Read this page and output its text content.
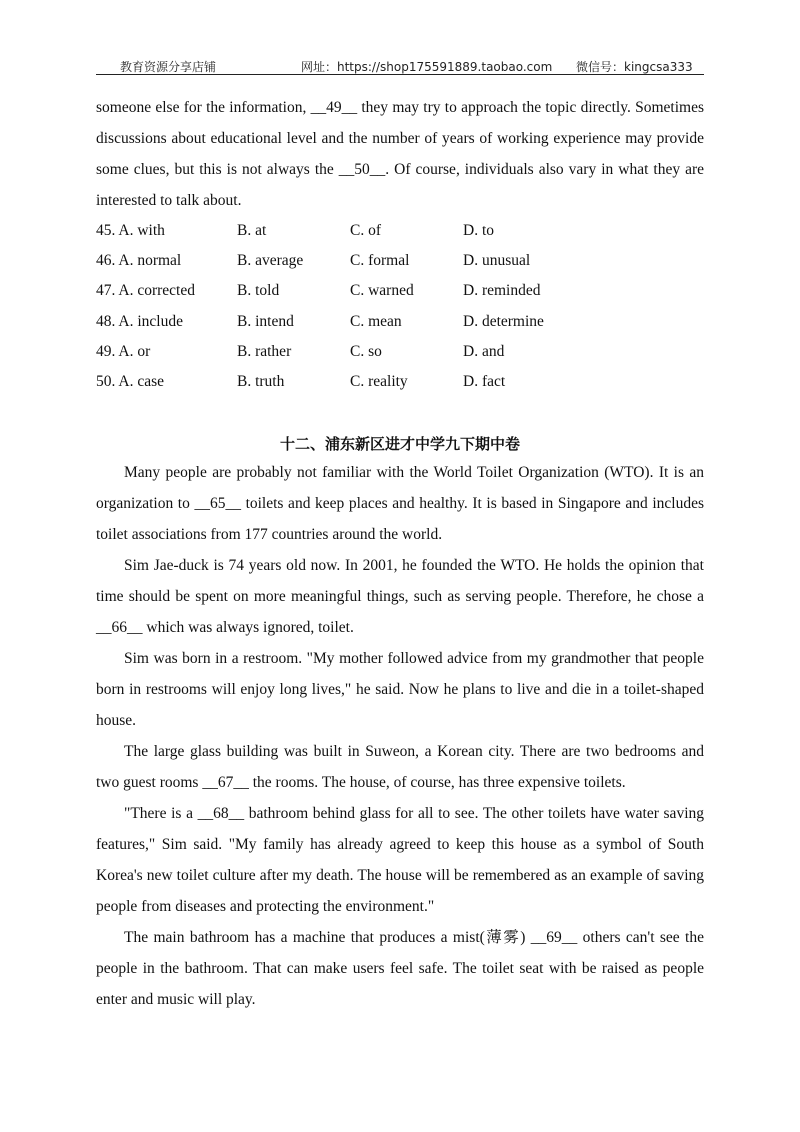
教育资源分享店铺	网址：https://shop175591889.taobao.com 微信号：kingcsa333

someone else for the information, __49__ they may try to approach the topic directly. Sometimes discussions about educational level and the number of years of working experience may provide some clues, but this is not always the __50__. Of course, individuals also vary in what they are interested to talk about.

45. A. with	B. at	C. of	D. to
46. A. normal	B. average	C. formal	D. unusual
47. A. corrected	B. told	C. warned	D. reminded
48. A. include	B. intend	C. mean	D. determine
49. A. or	B. rather	C. so	D. and
50. A. case	B. truth	C. reality	D. fact
十二、浦东新区进才中学九下期中卷

Many people are probably not familiar with the World Toilet Organization (WTO). It is an organization to __65__ toilets and keep places and healthy. It is based in Singapore and includes toilet associations from 177 countries around the world.

Sim Jae-duck is 74 years old now. In 2001, he founded the WTO. He holds the opinion that time should be spent on more meaningful things, such as serving people. Therefore, he chose a __66__ which was always ignored, toilet.

Sim was born in a restroom. "My mother followed advice from my grandmother that people born in restrooms will enjoy long lives," he said. Now he plans to live and die in a toilet-shaped house.

The large glass building was built in Suweon, a Korean city. There are two bedrooms and two guest rooms __67__ the rooms. The house, of course, has three expensive toilets.

"There is a __68__ bathroom behind glass for all to see. The other toilets have water saving features," Sim said. "My family has already agreed to keep this house as a symbol of South Korea's new toilet culture after my death. The house will be remembered as an example of saving people from diseases and protecting the environment."

The main bathroom has a machine that produces a mist(薄雾) __69__ others can't see the people in the bathroom. That can make users feel safe. The toilet seat with be raised as people enter and music will play.
